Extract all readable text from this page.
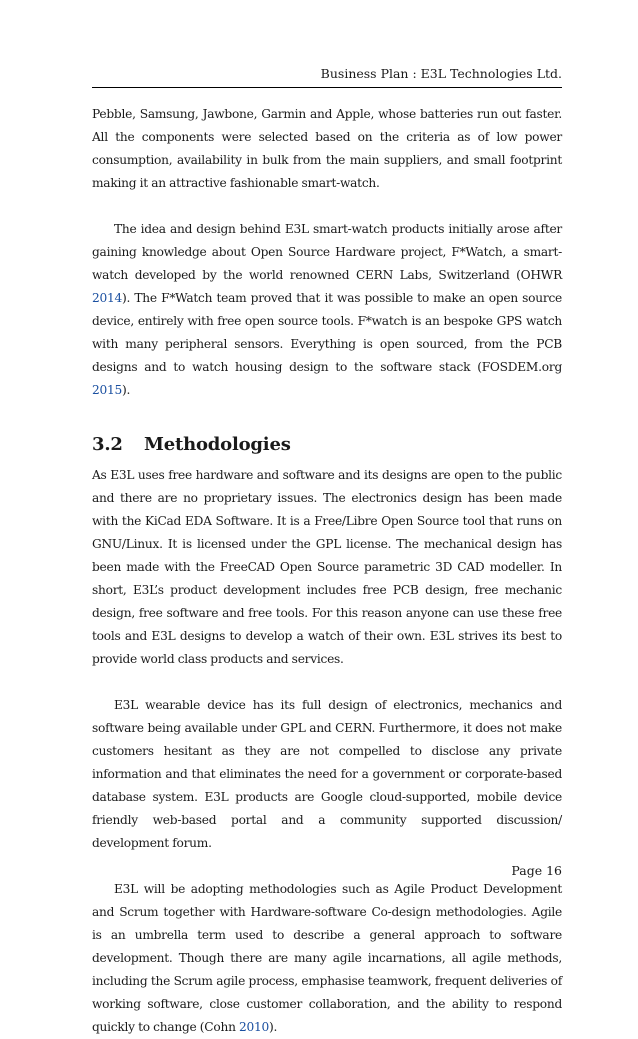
Business Plan : E3L Technologies Ltd.

Pebble, Samsung, Jawbone, Garmin and Apple, whose batteries run out faster. All the components were selected based on the criteria as of low power consumption, availability in bulk from the main suppliers, and small footprint making it an attractive fashionable smart-watch.

The idea and design behind E3L smart-watch products initially arose after gaining knowledge about Open Source Hardware project, F*Watch, a smart-watch developed by the world renowned CERN Labs, Switzerland (OHWR 2014). The F*Watch team proved that it was possible to make an open source device, entirely with free open source tools. F*watch is an bespoke GPS watch with many peripheral sensors. Everything is open sourced, from the PCB designs and to watch housing design to the software stack (FOSDEM.org 2015).

3.2	Methodologies

As E3L uses free hardware and software and its designs are open to the public and there are no proprietary issues. The electronics design has been made with the KiCad EDA Software. It is a Free/Libre Open Source tool that runs on GNU/Linux. It is licensed under the GPL license. The mechanical design has been made with the FreeCAD Open Source parametric 3D CAD modeller. In short, E3L’s product development includes free PCB design, free mechanic design, free software and free tools. For this reason anyone can use these free tools and E3L designs to develop a watch of their own. E3L strives its best to provide world class products and services.

E3L wearable device has its full design of electronics, mechanics and software being available under GPL and CERN. Furthermore, it does not make customers hesitant as they are not compelled to disclose any private information and that eliminates the need for a government or corporate-based database system. E3L products are Google cloud-supported, mobile device friendly web-based portal and a community supported discussion/ development forum.

E3L will be adopting methodologies such as Agile Product Development and Scrum together with Hardware-software Co-design methodologies. Agile is an umbrella term used to describe a general approach to software development. Though there are many agile incarnations, all agile methods, including the Scrum agile process, emphasise teamwork, frequent deliveries of working software, close customer collaboration, and the ability to respond quickly to change (Cohn 2010).

Page 16
